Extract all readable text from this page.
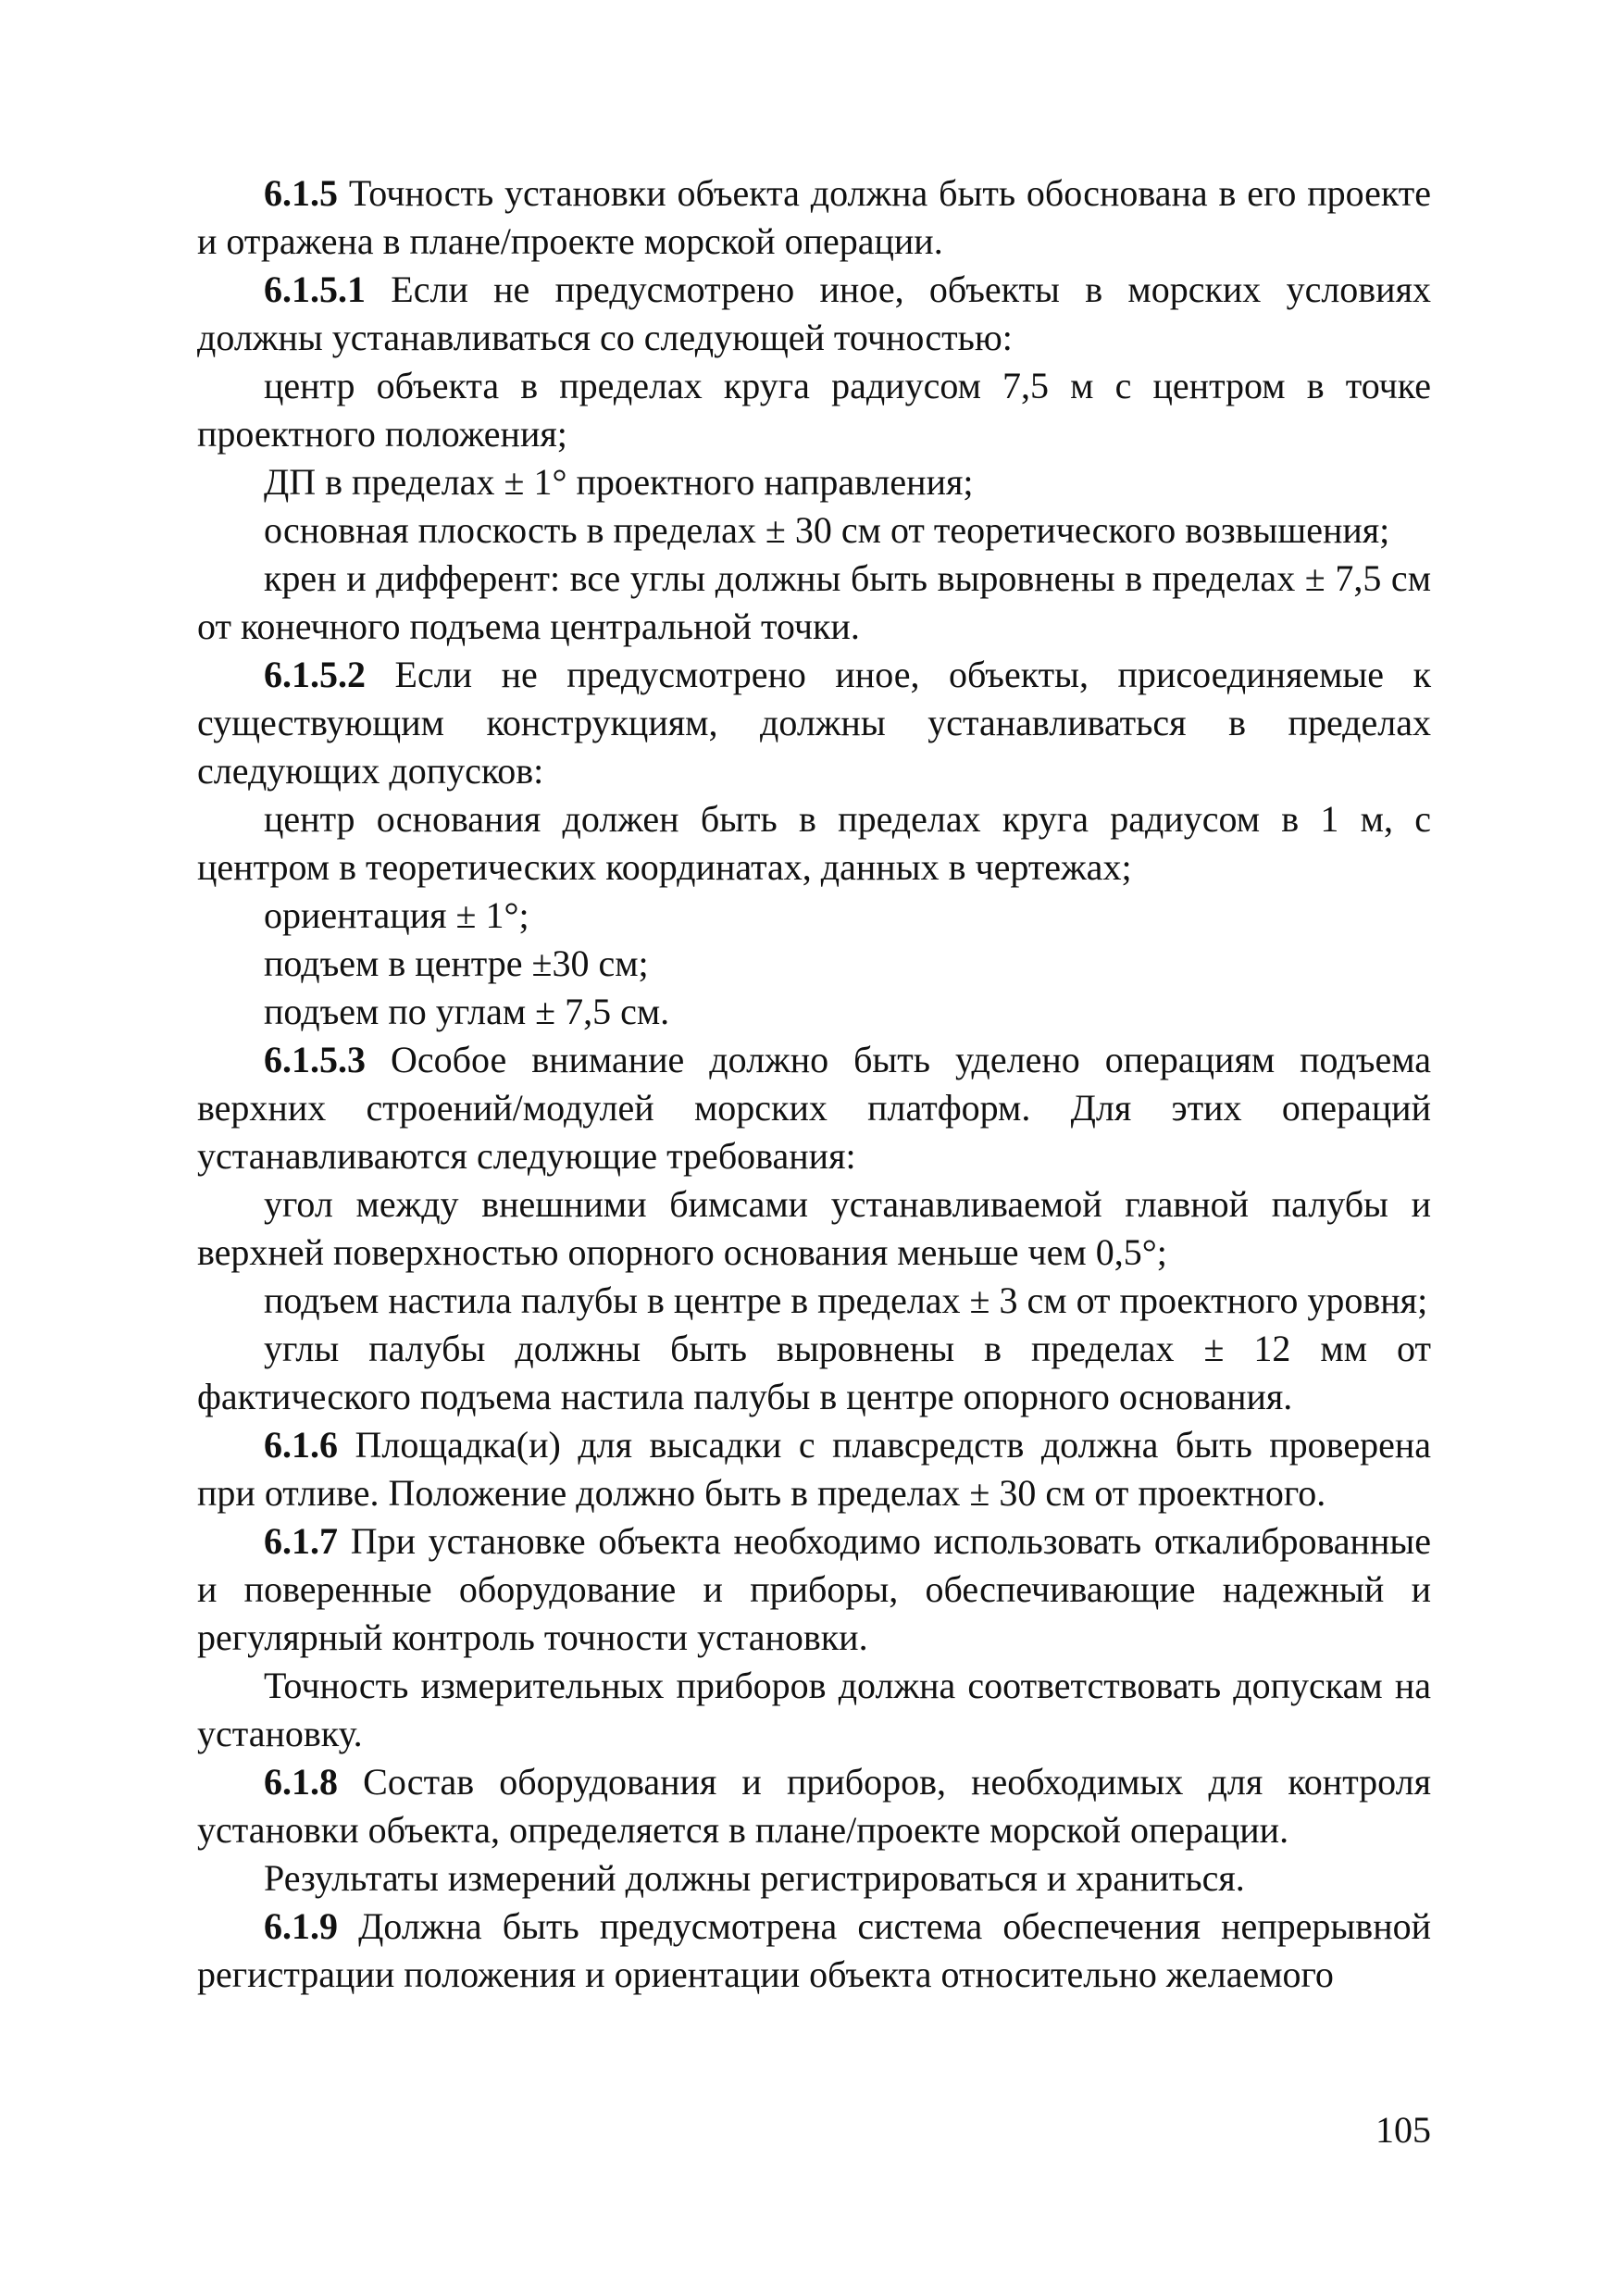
6.1.5 Точность установки объекта должна быть обоснована в его проекте и отражена в плане/проекте морской операции.

6.1.5.1 Если не предусмотрено иное, объекты в морских условиях должны устанавливаться со следующей точностью:

центр объекта в пределах круга радиусом 7,5 м с центром в точке проектного положения;

ДП в пределах ± 1° проектного направления;

основная плоскость в пределах ± 30 см от теоретического возвышения;

крен и дифферент: все углы должны быть выровнены в пределах ± 7,5 см от конечного подъема центральной точки.

6.1.5.2 Если не предусмотрено иное, объекты, присоединяемые к существующим конструкциям, должны устанавливаться в пределах следующих допусков:

центр основания должен быть в пределах круга радиусом в 1 м, с центром в теоретических координатах, данных в чертежах;

ориентация ± 1°;

подъем в центре ±30 см;

подъем по углам ± 7,5 см.

6.1.5.3 Особое внимание должно быть уделено операциям подъема верхних строений/модулей морских платформ. Для этих операций устанавливаются следующие требования:

угол между внешними бимсами устанавливаемой главной палубы и верхней поверхностью опорного основания меньше чем 0,5°;

подъем настила палубы в центре в пределах ± 3 см от проектного уровня;

углы палубы должны быть выровнены в пределах ± 12 мм от фактического подъема настила палубы в центре опорного основания.

6.1.6 Площадка(и) для высадки с плавсредств должна быть проверена при отливе. Положение должно быть в пределах ± 30 см от проектного.

6.1.7 При установке объекта необходимо использовать откалиброванные и поверенные оборудование и приборы, обеспечивающие надежный и регулярный контроль точности установки.

Точность измерительных приборов должна соответствовать допускам на установку.

6.1.8 Состав оборудования и приборов, необходимых для контроля установки объекта, определяется в плане/проекте морской операции.

Результаты измерений должны регистрироваться и храниться.

6.1.9 Должна быть предусмотрена система обеспечения непрерывной регистрации положения и ориентации объекта относительно желаемого

105
